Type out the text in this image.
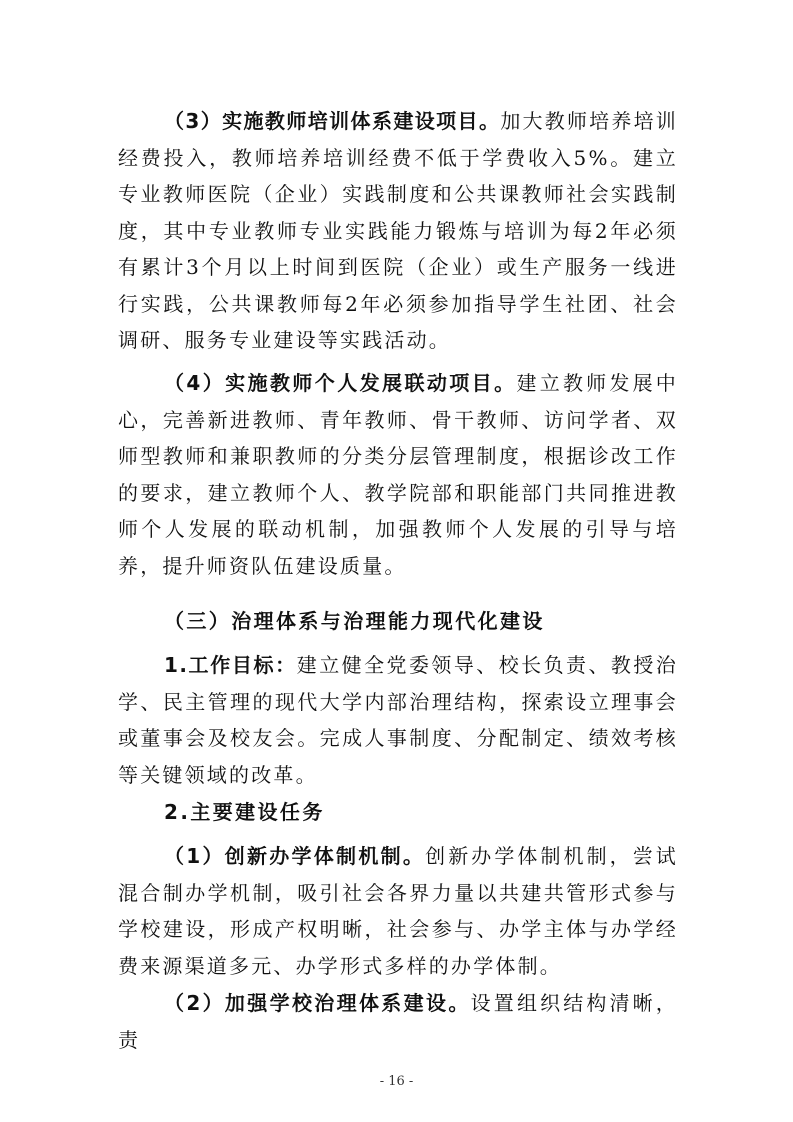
（3）实施教师培训体系建设项目。加大教师培养培训经费投入，教师培养培训经费不低于学费收入5%。建立专业教师医院（企业）实践制度和公共课教师社会实践制度，其中专业教师专业实践能力锻炼与培训为每2年必须有累计3个月以上时间到医院（企业）或生产服务一线进行实践，公共课教师每2年必须参加指导学生社团、社会调研、服务专业建设等实践活动。

（4）实施教师个人发展联动项目。建立教师发展中心，完善新进教师、青年教师、骨干教师、访问学者、双师型教师和兼职教师的分类分层管理制度，根据诊改工作的要求，建立教师个人、教学院部和职能部门共同推进教师个人发展的联动机制，加强教师个人发展的引导与培养，提升师资队伍建设质量。

（三）治理体系与治理能力现代化建设

1.工作目标：建立健全党委领导、校长负责、教授治学、民主管理的现代大学内部治理结构，探索设立理事会或董事会及校友会。完成人事制度、分配制定、绩效考核等关键领域的改革。

2.主要建设任务

（1）创新办学体制机制。创新办学体制机制，尝试混合制办学机制，吸引社会各界力量以共建共管形式参与学校建设，形成产权明晰，社会参与、办学主体与办学经费来源渠道多元、办学形式多样的办学体制。

（2）加强学校治理体系建设。设置组织结构清晰，责

- 16 -
